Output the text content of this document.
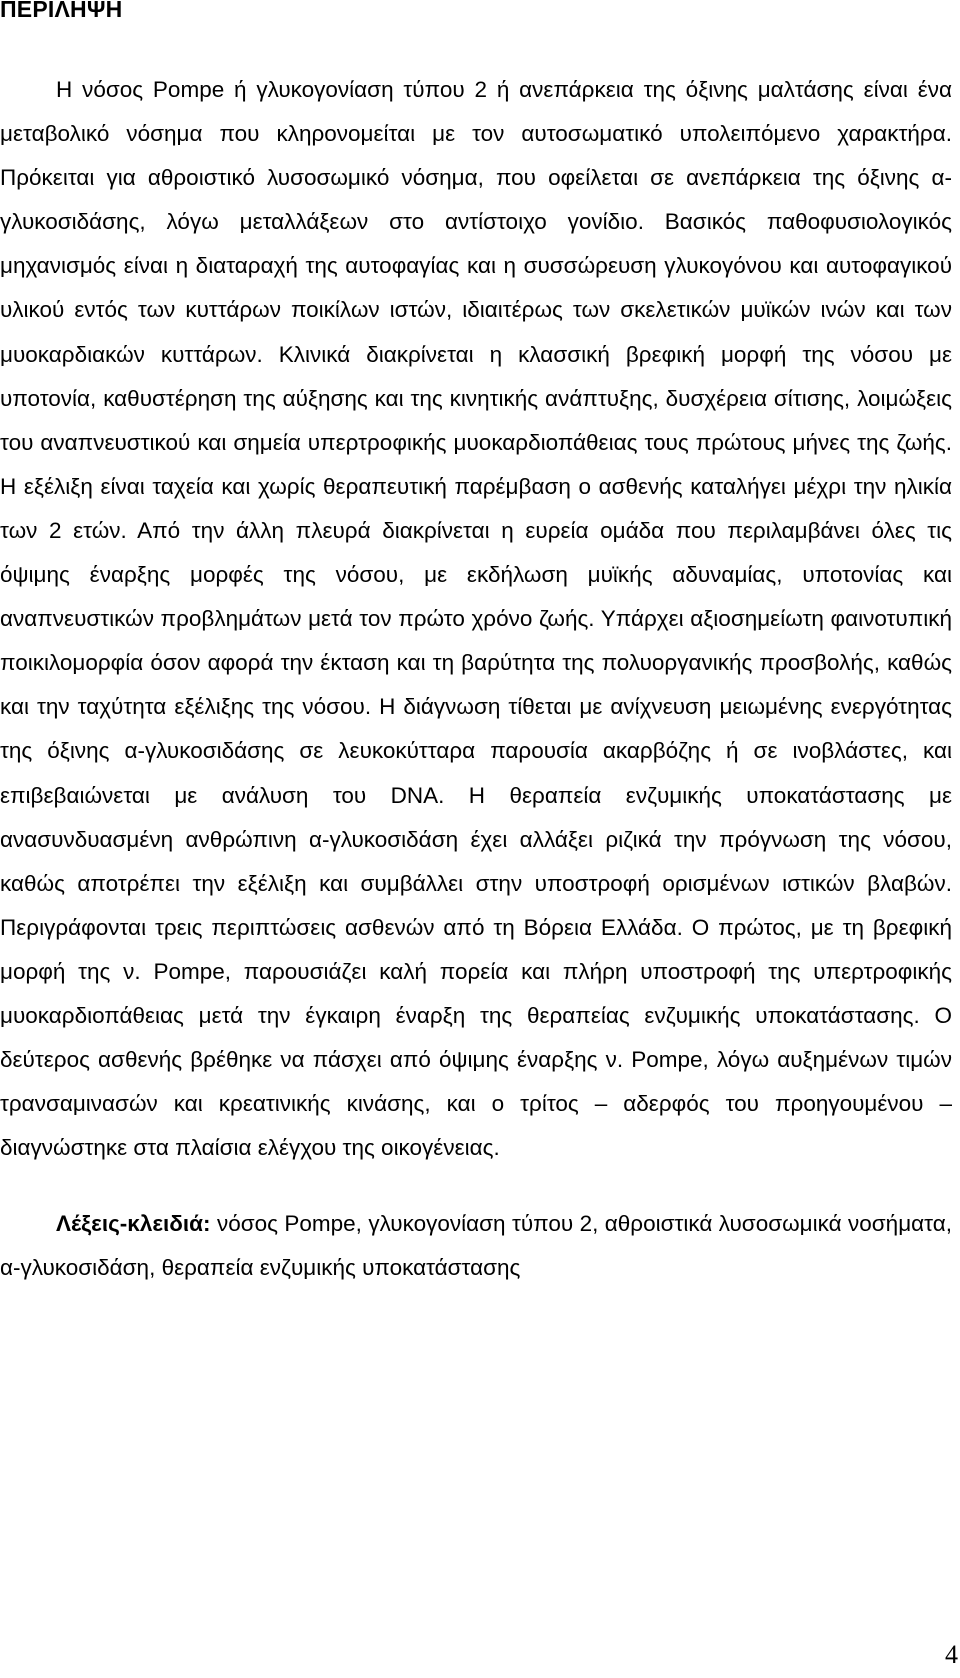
ΠΕΡΙΛΗΨΗ

Η νόσος Pompe ή γλυκογονίαση τύπου 2 ή ανεπάρκεια της όξινης μαλτάσης είναι ένα μεταβολικό νόσημα που κληρονομείται με τον αυτοσωματικό υπολειπόμενο χαρακτήρα. Πρόκειται για αθροιστικό λυσοσωμικό νόσημα, που οφείλεται σε ανεπάρκεια της όξινης α-γλυκοσιδάσης, λόγω μεταλλάξεων στο αντίστοιχο γονίδιο. Βασικός παθοφυσιολογικός μηχανισμός είναι η διαταραχή της αυτοφαγίας και η συσσώρευση γλυκογόνου και αυτοφαγικού υλικού εντός των κυττάρων ποικίλων ιστών, ιδιαιτέρως των σκελετικών μυϊκών ινών και των μυοκαρδιακών κυττάρων. Κλινικά διακρίνεται η κλασσική βρεφική μορφή της νόσου με υποτονία, καθυστέρηση της αύξησης και της κινητικής ανάπτυξης, δυσχέρεια σίτισης, λοιμώξεις του αναπνευστικού και σημεία υπερτροφικής μυοκαρδιοπάθειας τους πρώτους μήνες της ζωής. Η εξέλιξη είναι ταχεία και χωρίς θεραπευτική παρέμβαση ο ασθενής καταλήγει μέχρι την ηλικία των 2 ετών. Από την άλλη πλευρά διακρίνεται η ευρεία ομάδα που περιλαμβάνει όλες τις όψιμης έναρξης μορφές της νόσου, με εκδήλωση μυϊκής αδυναμίας, υποτονίας και αναπνευστικών προβλημάτων μετά τον πρώτο χρόνο ζωής. Υπάρχει αξιοσημείωτη φαινοτυπική ποικιλομορφία όσον αφορά την έκταση και τη βαρύτητα της πολυοργανικής προσβολής, καθώς και την ταχύτητα εξέλιξης της νόσου. Η διάγνωση τίθεται με ανίχνευση μειωμένης ενεργότητας της όξινης α-γλυκοσιδάσης σε λευκοκύτταρα παρουσία ακαρβόζης ή σε ινοβλάστες, και επιβεβαιώνεται με ανάλυση του DNA. Η θεραπεία ενζυμικής υποκατάστασης με ανασυνδυασμένη ανθρώπινη α-γλυκοσιδάση έχει αλλάξει ριζικά την πρόγνωση της νόσου, καθώς αποτρέπει την εξέλιξη και συμβάλλει στην υποστροφή ορισμένων ιστικών βλαβών. Περιγράφονται τρεις περιπτώσεις ασθενών από τη Βόρεια Ελλάδα. Ο πρώτος, με τη βρεφική μορφή της ν. Pompe, παρουσιάζει καλή πορεία και πλήρη υποστροφή της υπερτροφικής μυοκαρδιοπάθειας μετά την έγκαιρη έναρξη της θεραπείας ενζυμικής υποκατάστασης. Ο δεύτερος ασθενής βρέθηκε να πάσχει από όψιμης έναρξης ν. Pompe, λόγω αυξημένων τιμών τρανσαμινασών και κρεατινικής κινάσης, και ο τρίτος – αδερφός του προηγουμένου – διαγνώστηκε στα πλαίσια ελέγχου της οικογένειας.

Λέξεις-κλειδιά: νόσος Pompe, γλυκογονίαση τύπου 2, αθροιστικά λυσοσωμικά νοσήματα, α-γλυκοσιδάση, θεραπεία ενζυμικής υποκατάστασης

4
